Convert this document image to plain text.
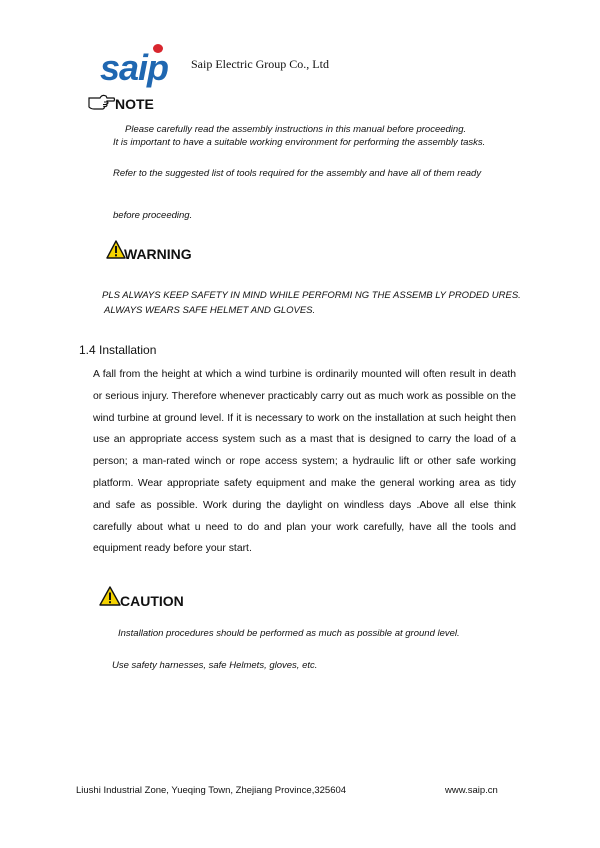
saip Saip Electric Group Co., Ltd
NOTE
Please carefully read the assembly instructions in this manual before proceeding.
It is important to have a suitable working environment for performing the assembly tasks.
Refer to the suggested list of tools required for the assembly and have all of them ready
before proceeding.
WARNING
PLS ALWAYS KEEP SAFETY IN MIND WHILE PERFORMI NG THE ASSEMB LY PRODED URES.
ALWAYS WEARS SAFE HELMET AND GLOVES.
1.4 Installation
A fall from the height at which a wind turbine is ordinarily mounted will often result in death or serious injury. Therefore whenever practicably carry out as much work as possible on the wind turbine at ground level. If it is necessary to work on the installation at such height then use an appropriate access system such as a mast that is designed to carry the load of a person; a man-rated winch or rope access system; a hydraulic lift or other safe working platform. Wear appropriate safety equipment and make the general working area as tidy and safe as possible. Work during the daylight on windless days .Above all else think carefully about what u need to do and plan your work carefully, have all the tools and equipment ready before your start.
CAUTION
Installation procedures should be performed as much as possible at ground level.
Use safety harnesses, safe Helmets, gloves, etc.
Liushi Industrial Zone, Yueqing Town, Zhejiang Province,325604	www.saip.cn
